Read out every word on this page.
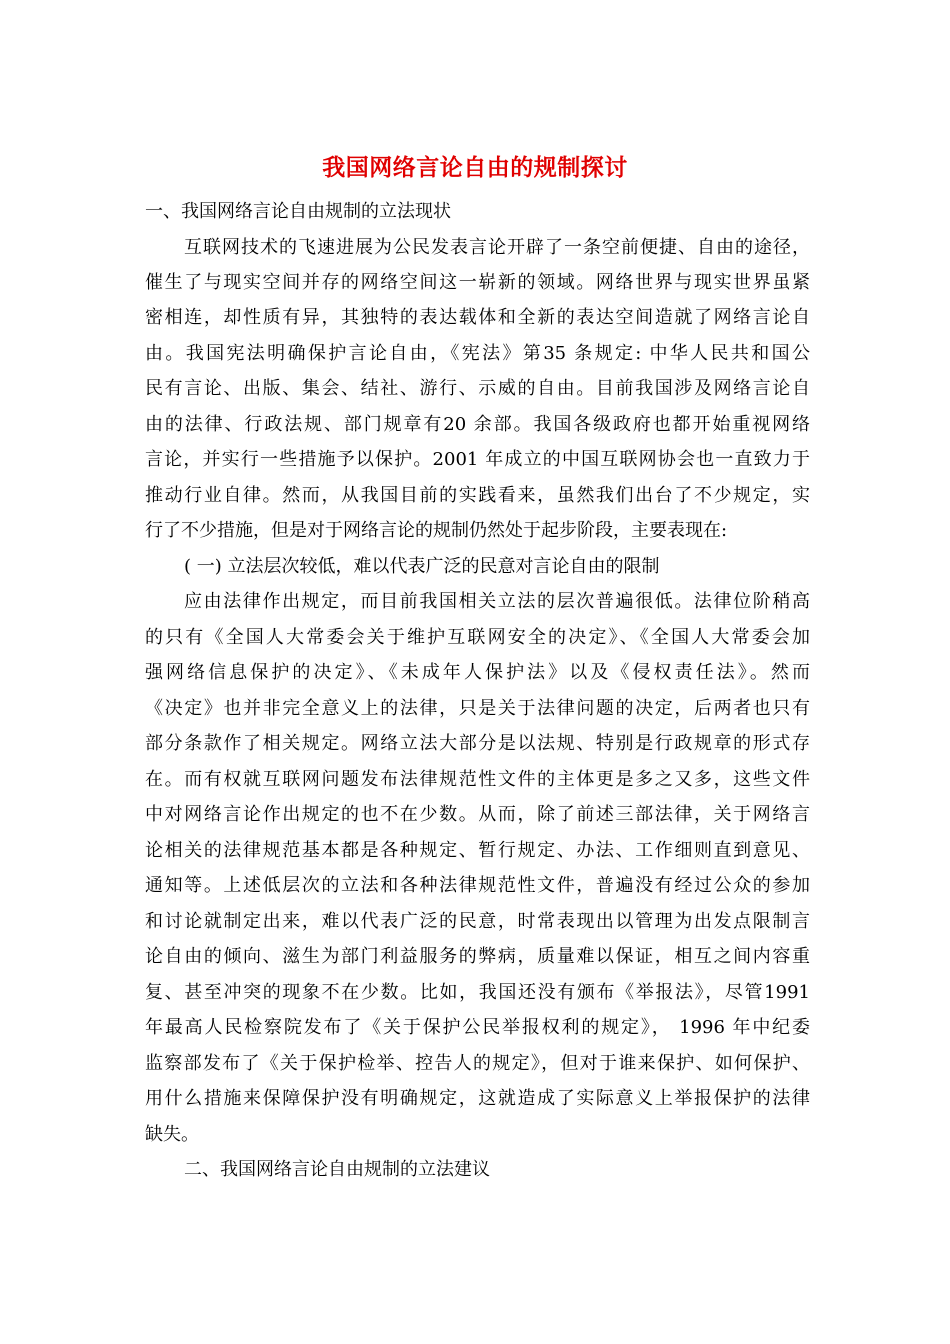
我国网络言论自由的规制探讨
一、我国网络言论自由规制的立法现状
互联网技术的飞速进展为公民发表言论开辟了一条空前便捷、自由的途径，
催生了与现实空间并存的网络空间这一崭新的领域。网络世界与现实世界虽紧
密相连，却性质有异，其独特的表达载体和全新的表达空间造就了网络言论自
由。我国宪法明确保护言论自由，《宪法》第35 条规定: 中华人民共和国公
民有言论、出版、集会、结社、游行、示威的自由。目前我国涉及网络言论自
由的法律、行政法规、部门规章有20 余部。我国各级政府也都开始重视网络
言论，并实行一些措施予以保护。2001 年成立的中国互联网协会也一直致力于
推动行业自律。然而，从我国目前的实践看来，虽然我们出台了不少规定，实
行了不少措施，但是对于网络言论的规制仍然处于起步阶段，主要表现在:
( 一) 立法层次较低，难以代表广泛的民意对言论自由的限制
应由法律作出规定，而目前我国相关立法的层次普遍很低。法律位阶稍高
的只有《全国人大常委会关于维护互联网安全的决定》、《全国人大常委会加
强网络信息保护的决定》、《未成年人保护法》以及《侵权责任法》。然而
《决定》也并非完全意义上的法律，只是关于法律问题的决定，后两者也只有
部分条款作了相关规定。网络立法大部分是以法规、特别是行政规章的形式存
在。而有权就互联网问题发布法律规范性文件的主体更是多之又多，这些文件
中对网络言论作出规定的也不在少数。从而，除了前述三部法律，关于网络言
论相关的法律规范基本都是各种规定、暂行规定、办法、工作细则直到意见、
通知等。上述低层次的立法和各种法律规范性文件，普遍没有经过公众的参加
和讨论就制定出来，难以代表广泛的民意，时常表现出以管理为出发点限制言
论自由的倾向、滋生为部门利益服务的弊病，质量难以保证，相互之间内容重
复、甚至冲突的现象不在少数。比如，我国还没有颁布《举报法》，尽管1991
年最高人民检察院发布了《关于保护公民举报权利的规定》， 1996 年中纪委
监察部发布了《关于保护检举、控告人的规定》，但对于谁来保护、如何保护、
用什么措施来保障保护没有明确规定，这就造成了实际意义上举报保护的法律
缺失。
二、我国网络言论自由规制的立法建议
